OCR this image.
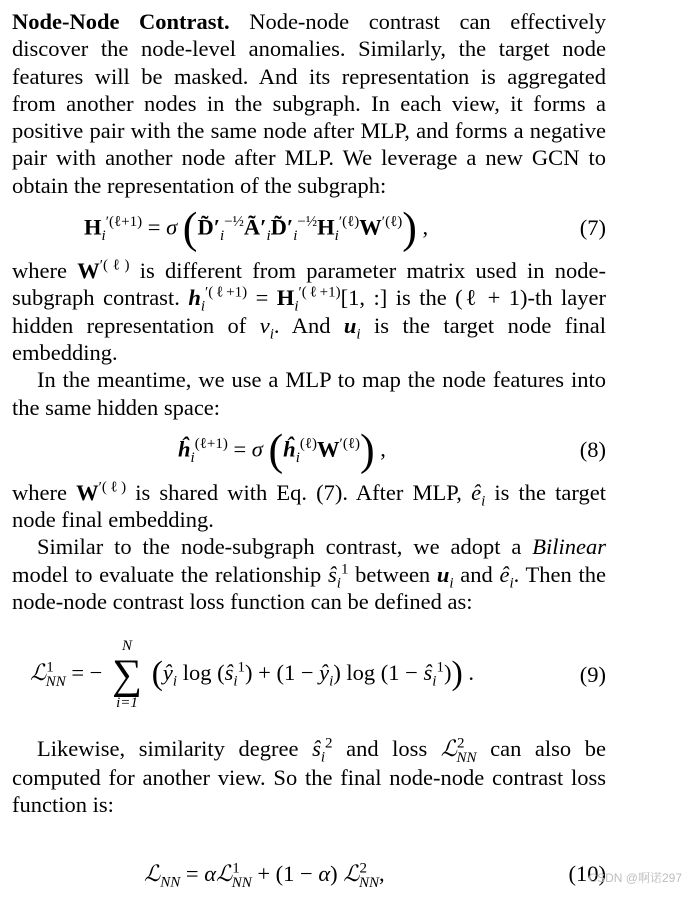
Node-Node Contrast. Node-node contrast can effectively discover the node-level anomalies. Similarly, the target node features will be masked. And its representation is aggregated from another nodes in the subgraph. In each view, it forms a positive pair with the same node after MLP, and forms a negative pair with another node after MLP. We leverage a new GCN to obtain the representation of the subgraph:

$H_i^{'(\ell+1)} = \sigma$ $(D̃'_i^{-\frac{1}{2}}Ã'_iD̃'_i^{-\frac{1}{2}}H_i^{'(\ell)}W^{'(\ell)})$ ,	(7)

where $W^{'(\ell)}$ is different from parameter matrix used in node-subgraph contrast. $h_i^{'(\ell+1)} = H_i^{'(\ell+1)}[1$, :] is the (ℓ + 1)-th layer hidden representation of $v_i$. And $u_i$ is the target node final embedding.

In the meantime, we use a MLP to map the node features into the same hidden space:

$ĥ_i^{(\ell+1)} = \sigma$ $(ĥ_i^{(\ell)}W^{'(\ell)})$ ,	(8)

where $W^{'(\ell)}$ is shared with Eq. (7). After MLP, $ê_i$ is the target node final embedding.

Similar to the node-subgraph contrast, we adopt a Bilinear model to evaluate the relationship $ŝ_i^1$ between $u_i$ and $ê_i$. Then the node-node contrast loss function can be defined as:

ℒ$^1_{NN}$ = −
N
∑
i=1
($ŷ_i$ $\log (ŝ_i^1) + (1$ − $ŷ_i$) $\log (1 - ŝ_i^1)$) .	(9)

Likewise, similarity degree $ŝ_i^2$ and loss ℒ$^2_{NN}$ can also be computed for another view. So the final node-node contrast loss function is:

ℒ$_{NN}$ = αℒ$^1_{NN}$ + (1 − α) ℒ$^2_{NN}$,	(10)
CSDN @啊诺297
